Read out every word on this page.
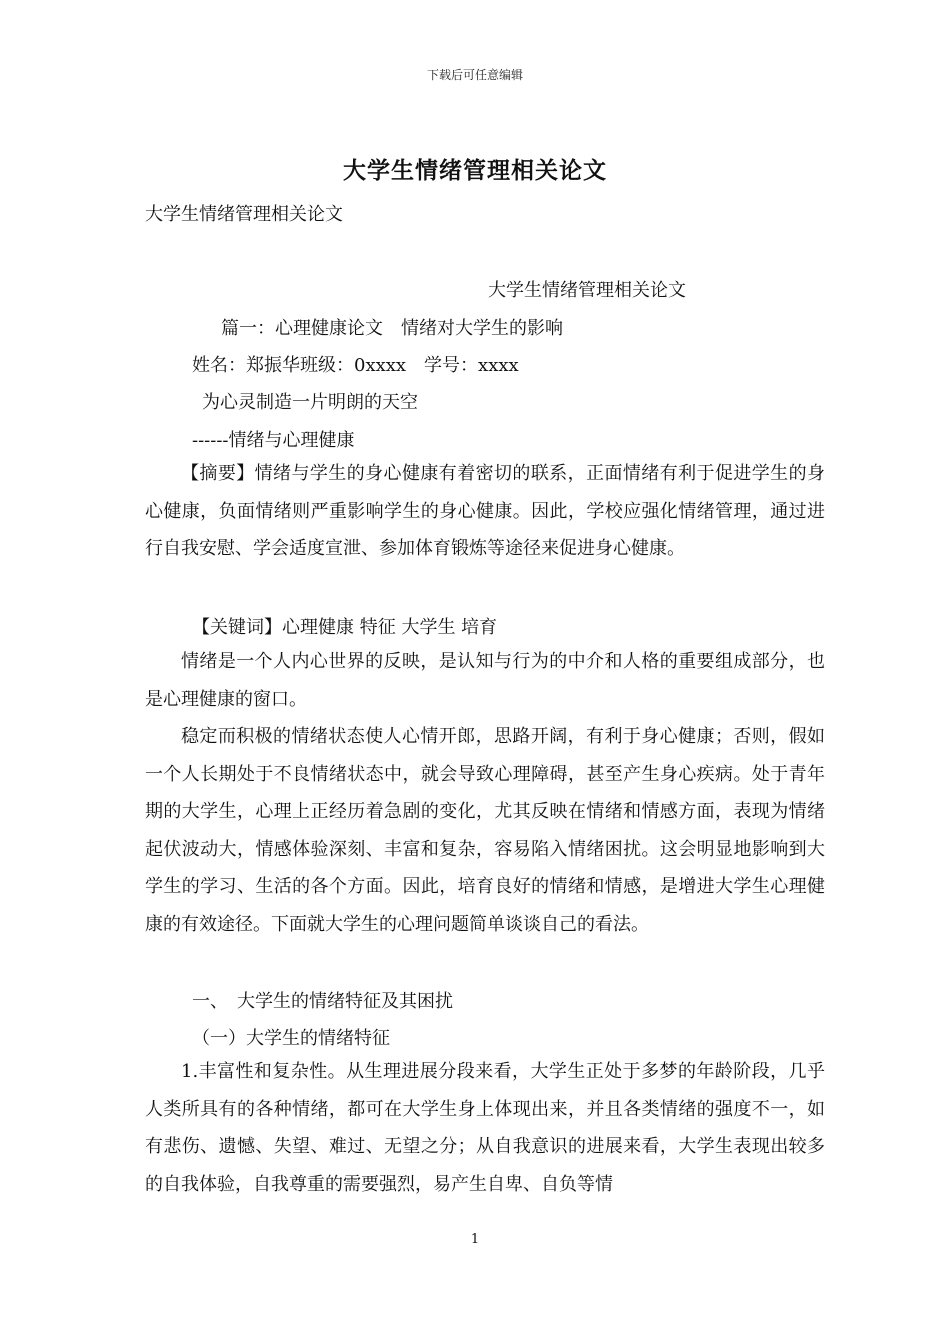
下载后可任意编辑
大学生情绪管理相关论文
大学生情绪管理相关论文
大学生情绪管理相关论文
篇一：心理健康论文　情绪对大学生的影响
姓名：郑振华班级：0xxxx　学号：xxxx
为心灵制造一片明朗的天空
------情绪与心理健康
【摘要】情绪与学生的身心健康有着密切的联系，正面情绪有利于促进学生的身心健康，负面情绪则严重影响学生的身心健康。因此，学校应强化情绪管理，通过进行自我安慰、学会适度宣泄、参加体育锻炼等途径来促进身心健康。
【关键词】心理健康 特征 大学生 培育
情绪是一个人内心世界的反映，是认知与行为的中介和人格的重要组成部分，也是心理健康的窗口。
稳定而积极的情绪状态使人心情开郎，思路开阔，有利于身心健康；否则，假如一个人长期处于不良情绪状态中，就会导致心理障碍，甚至产生身心疾病。处于青年期的大学生，心理上正经历着急剧的变化，尤其反映在情绪和情感方面，表现为情绪起伏波动大，情感体验深刻、丰富和复杂，容易陷入情绪困扰。这会明显地影响到大学生的学习、生活的各个方面。因此，培育良好的情绪和情感，是增进大学生心理健康的有效途径。下面就大学生的心理问题简单谈谈自己的看法。
一、　大学生的情绪特征及其困扰
（一）大学生的情绪特征
1.丰富性和复杂性。从生理进展分段来看，大学生正处于多梦的年龄阶段，几乎人类所具有的各种情绪，都可在大学生身上体现出来，并且各类情绪的强度不一，如有悲伤、遗憾、失望、难过、无望之分；从自我意识的进展来看，大学生表现出较多的自我体验，自我尊重的需要强烈，易产生自卑、自负等情
1
